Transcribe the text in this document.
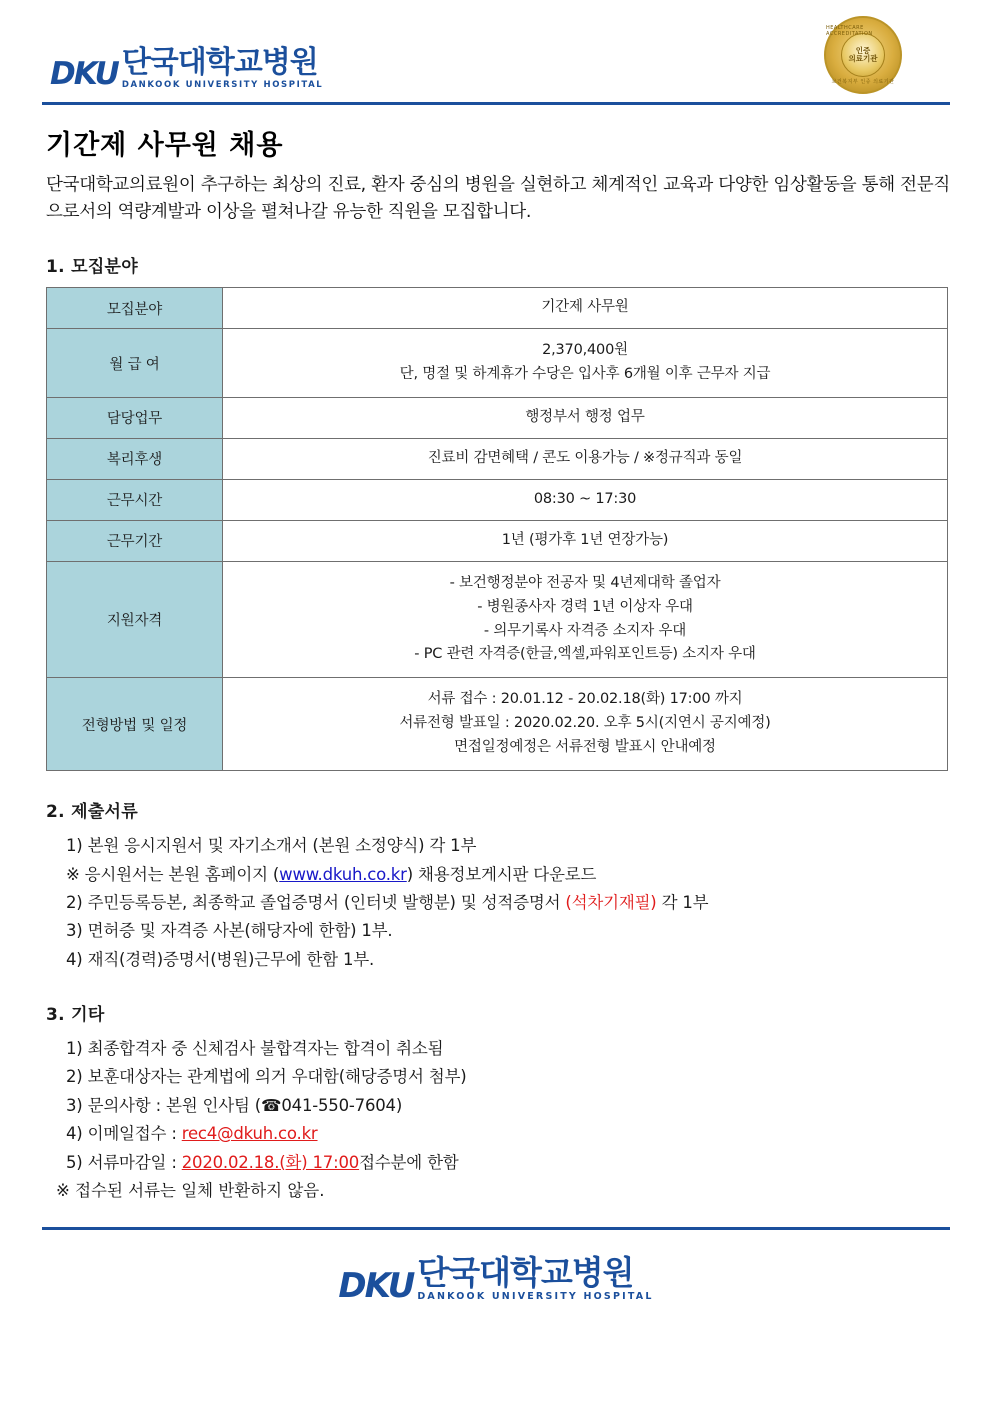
DKU 단국대학교병원
DANKOOK UNIVERSITY HOSPITAL
HEALTHCARE ACCREDITATION
인증
의료기관
보건복지부 인증 의료기관
기간제 사무원 채용

단국대학교의료원이 추구하는 최상의 진료, 환자 중심의 병원을 실현하고 체계적인 교육과 다양한 임상활동을 통해 전문직으로서의 역량계발과 이상을 펼쳐나갈 유능한 직원을 모집합니다.

1. 모집분야
모집분야	기간제 사무원

월 급 여	2,370,400원
단, 명절 및 하계휴가 수당은 입사후 6개월 이후 근무자 지급

담당업무	행정부서 행정 업무

복리후생	진료비 감면혜택 / 콘도 이용가능 / ※정규직과 동일

근무시간	08:30 ~ 17:30

근무기간	1년 (평가후 1년 연장가능)

지원자격	- 보건행정분야 전공자 및 4년제대학 졸업자
- 병원종사자 경력 1년 이상자 우대
- 의무기록사 자격증 소지자 우대
- PC 관련 자격증(한글,엑셀,파워포인트등) 소지자 우대

전형방법 및 일정	서류 접수 : 20.01.12 - 20.02.18(화) 17:00 까지
서류전형 발표일 : 2020.02.20. 오후 5시(지연시 공지예정)
면접일정예정은 서류전형 발표시 안내예정
2. 제출서류
1) 본원 응시지원서 및 자기소개서 (본원 소정양식) 각 1부
※ 응시원서는 본원 홈페이지 (www.dkuh.co.kr) 채용정보게시판 다운로드
2) 주민등록등본, 최종학교 졸업증명서 (인터넷 발행분) 및 성적증명서 (석차기재필) 각 1부
3) 면허증 및 자격증 사본(해당자에 한함) 1부.
4) 재직(경력)증명서(병원)근무에 한함 1부.
3. 기타
1) 최종합격자 중 신체검사 불합격자는 합격이 취소됨
2) 보훈대상자는 관계법에 의거 우대함(해당증명서 첨부)
3) 문의사항 : 본원 인사팀 (☎041-550-7604)
4) 이메일접수 : rec4@dkuh.co.kr
5) 서류마감일 : 2020.02.18.(화) 17:00접수분에 한함
※ 접수된 서류는 일체 반환하지 않음.
DKU 단국대학교병원
DANKOOK UNIVERSITY HOSPITAL
